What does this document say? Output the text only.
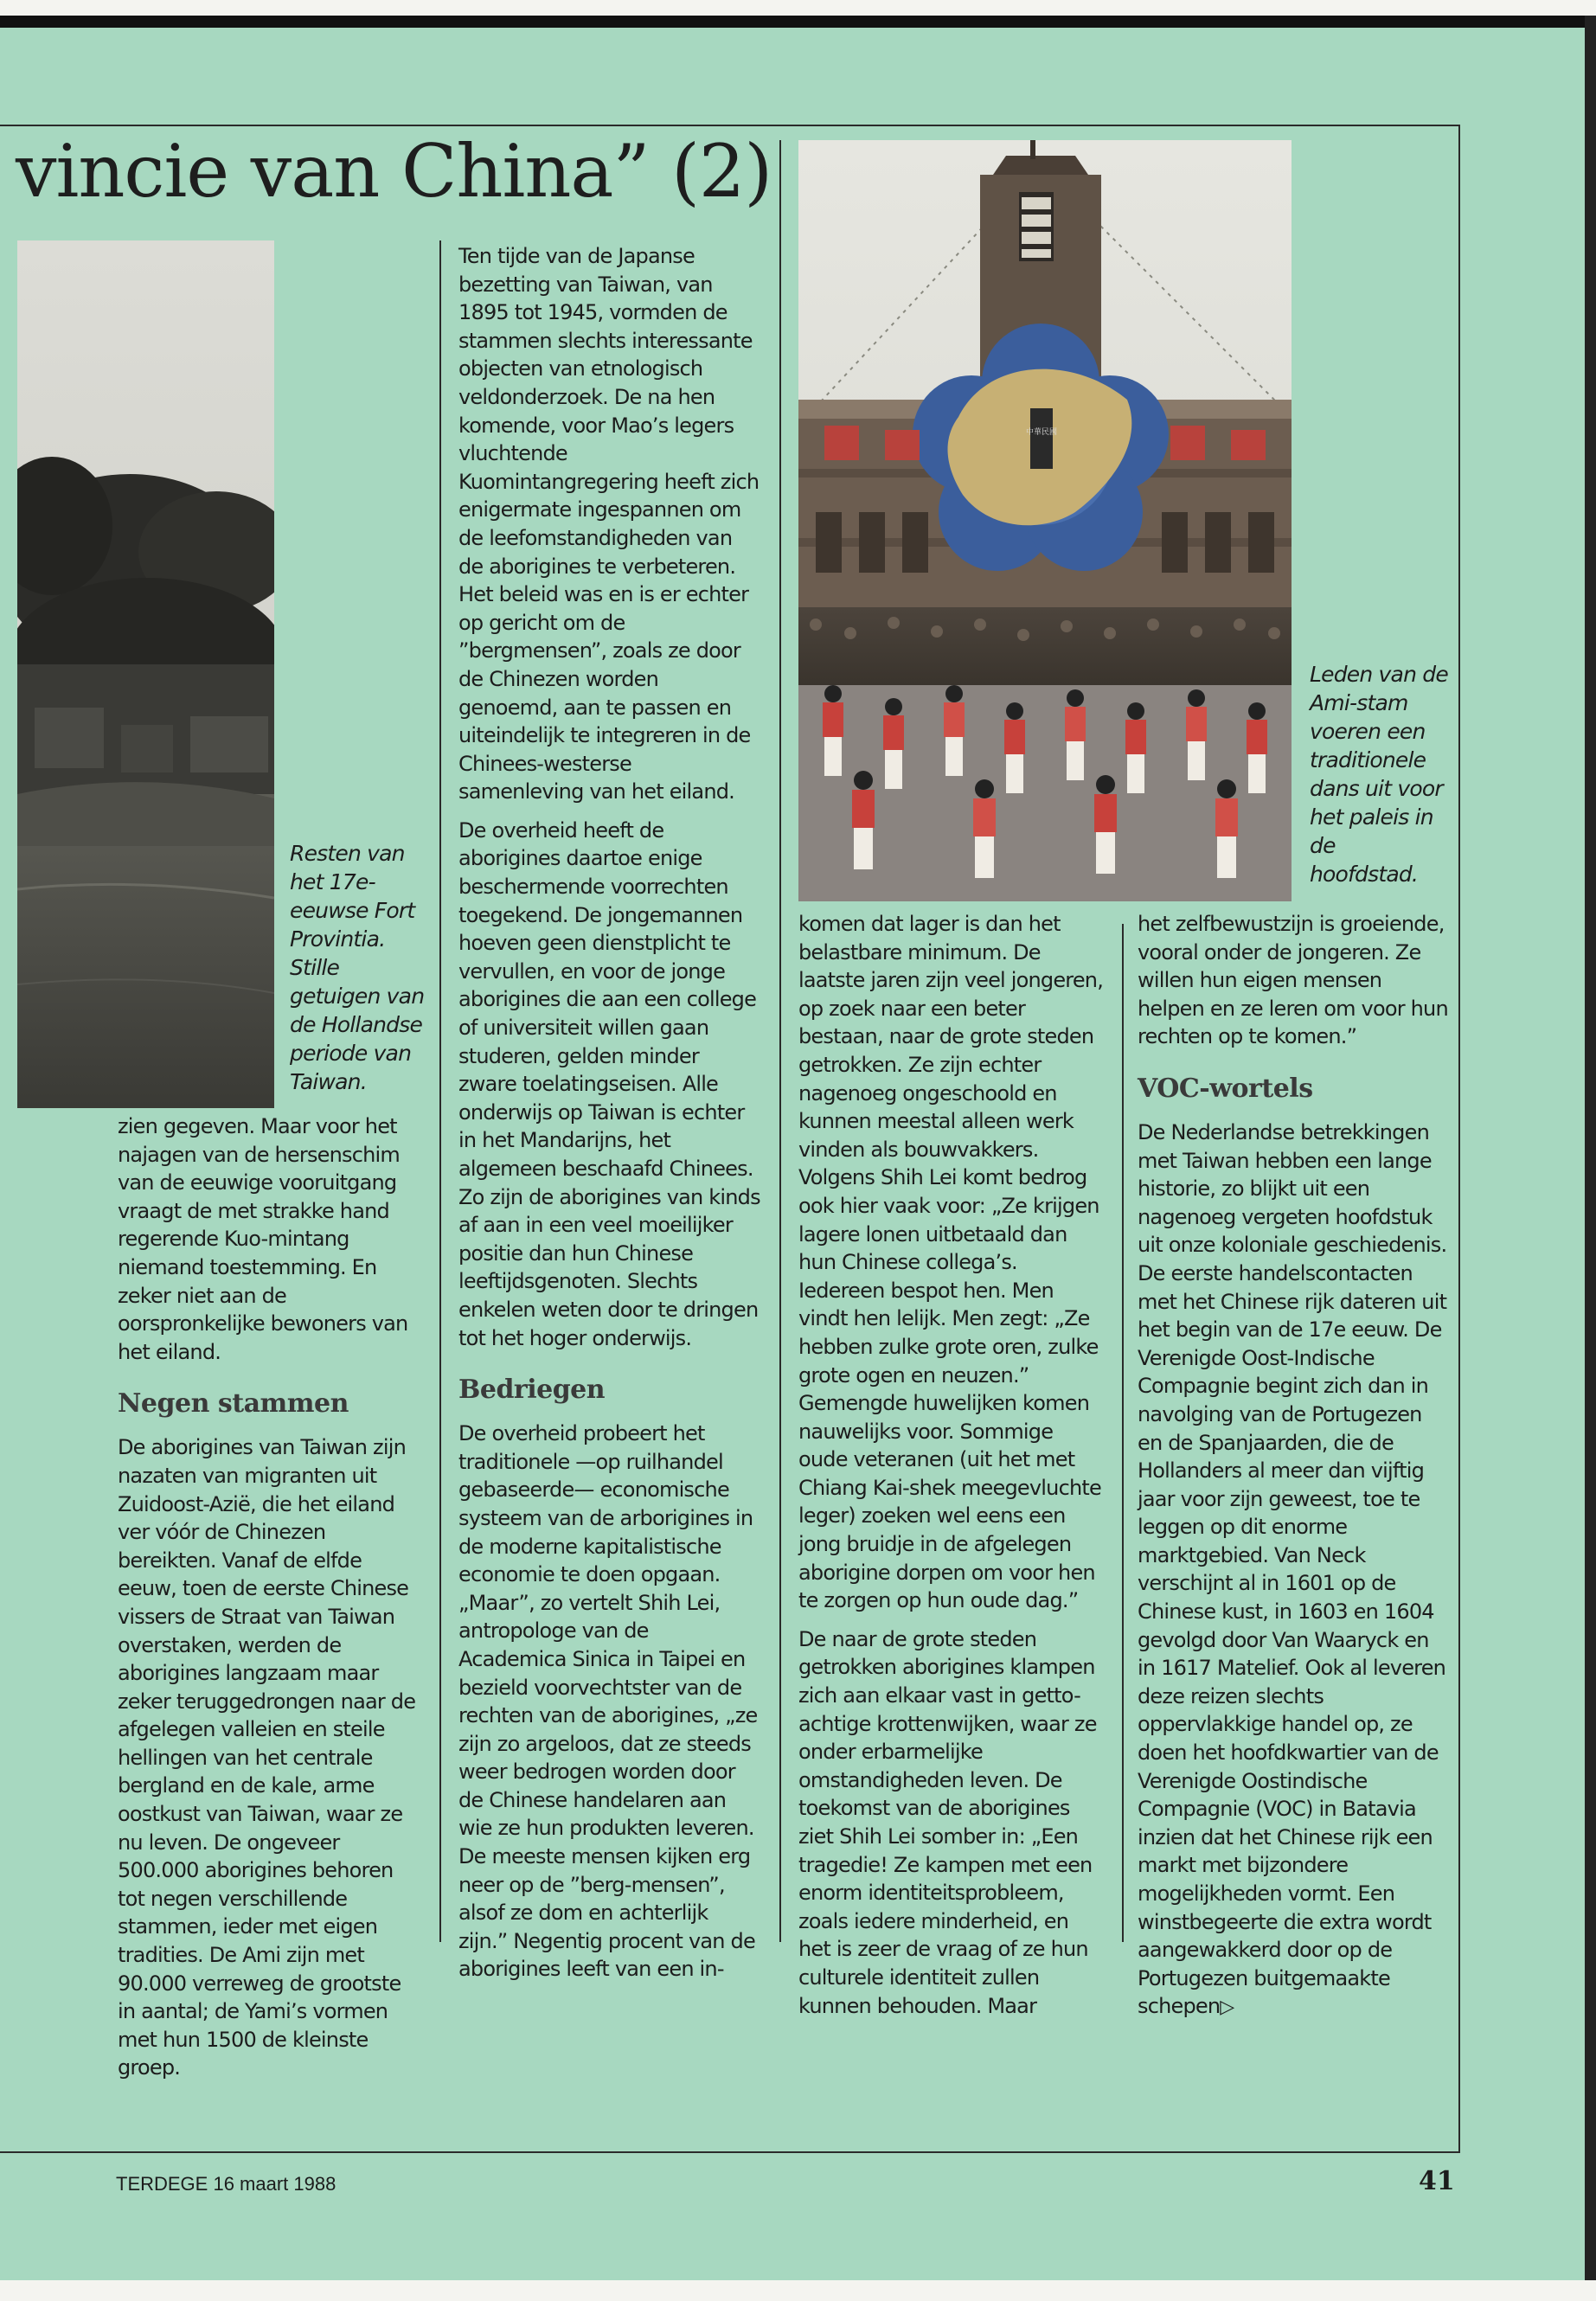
vincie van China” (2)

Resten van het 17e-eeuwse Fort Provintia. Stille getuigen van de Hollandse periode van Taiwan.

中華民國

Leden van de Ami-stam voeren een traditionele dans uit voor het paleis in de hoofdstad.

zien gegeven. Maar voor het najagen van de hersenschim van de eeuwige vooruitgang vraagt de met strakke hand regerende Kuo-mintang niemand toestemming. En zeker niet aan de oorspronkelijke bewoners van het eiland.

Negen stammen

De aborigines van Taiwan zijn nazaten van migranten uit Zuidoost-Azië, die het eiland ver vóór de Chinezen bereikten. Vanaf de elfde eeuw, toen de eerste Chinese vissers de Straat van Taiwan overstaken, werden de aborigines langzaam maar zeker teruggedrongen naar de afgelegen valleien en steile hellingen van het centrale bergland en de kale, arme oostkust van Taiwan, waar ze nu leven. De ongeveer 500.000 aborigines behoren tot negen verschillende stammen, ieder met eigen tradities. De Ami zijn met 90.000 verreweg de grootste in aantal; de Yami’s vormen met hun 1500 de kleinste groep.

Ten tijde van de Japanse bezetting van Taiwan, van 1895 tot 1945, vormden de stammen slechts interessante objecten van etnologisch veldonderzoek. De na hen komende, voor Mao’s legers vluchtende Kuomintangregering heeft zich enigermate ingespannen om de leefomstandigheden van de aborigines te verbeteren. Het beleid was en is er echter op gericht om de ”bergmensen”, zoals ze door de Chinezen worden genoemd, aan te passen en uiteindelijk te integreren in de Chinees-westerse samenleving van het eiland.

De overheid heeft de aborigines daartoe enige beschermende voorrechten toegekend. De jongemannen hoeven geen dienstplicht te vervullen, en voor de jonge aborigines die aan een college of universiteit willen gaan studeren, gelden minder zware toelatingseisen. Alle onderwijs op Taiwan is echter in het Mandarijns, het algemeen beschaafd Chinees. Zo zijn de aborigines van kinds af aan in een veel moeilijker positie dan hun Chinese leeftijdsgenoten. Slechts enkelen weten door te dringen tot het hoger onderwijs.

Bedriegen

De overheid probeert het traditionele —op ruilhandel gebaseerde— economische systeem van de arborigines in de moderne kapitalistische economie te doen opgaan. „Maar”, zo vertelt Shih Lei, antropologe van de Academica Sinica in Taipei en bezield voorvechtster van de rechten van de aborigines, „ze zijn zo argeloos, dat ze steeds weer bedrogen worden door de Chinese handelaren aan wie ze hun produkten leveren. De meeste mensen kijken erg neer op de ”berg-mensen”, alsof ze dom en achterlijk zijn.” Negentig procent van de aborigines leeft van een in-

komen dat lager is dan het belastbare minimum. De laatste jaren zijn veel jongeren, op zoek naar een beter bestaan, naar de grote steden getrokken. Ze zijn echter nagenoeg ongeschoold en kunnen meestal alleen werk vinden als bouwvakkers. Volgens Shih Lei komt bedrog ook hier vaak voor: „Ze krijgen lagere lonen uitbetaald dan hun Chinese collega’s. Iedereen bespot hen. Men vindt hen lelijk. Men zegt: „Ze hebben zulke grote oren, zulke grote ogen en neuzen.” Gemengde huwelijken komen nauwelijks voor. Sommige oude veteranen (uit het met Chiang Kai-shek meegevluchte leger) zoeken wel eens een jong bruidje in de afgelegen aborigine dorpen om voor hen te zorgen op hun oude dag.”

De naar de grote steden getrokken aborigines klampen zich aan elkaar vast in getto-achtige krottenwijken, waar ze onder erbarmelijke omstandigheden leven. De toekomst van de aborigines ziet Shih Lei somber in: „Een tragedie! Ze kampen met een enorm identiteitsprobleem, zoals iedere minderheid, en het is zeer de vraag of ze hun culturele identiteit zullen kunnen behouden. Maar

het zelfbewustzijn is groeiende, vooral onder de jongeren. Ze willen hun eigen mensen helpen en ze leren om voor hun rechten op te komen.”

VOC-wortels

De Nederlandse betrekkingen met Taiwan hebben een lange historie, zo blijkt uit een nagenoeg vergeten hoofdstuk uit onze koloniale geschiedenis. De eerste handelscontacten met het Chinese rijk dateren uit het begin van de 17e eeuw. De Verenigde Oost-Indische Compagnie begint zich dan in navolging van de Portugezen en de Spanjaarden, die de Hollanders al meer dan vijftig jaar voor zijn geweest, toe te leggen op dit enorme marktgebied. Van Neck verschijnt al in 1601 op de Chinese kust, in 1603 en 1604 gevolgd door Van Waaryck en in 1617 Matelief. Ook al leveren deze reizen slechts oppervlakkige handel op, ze doen het hoofdkwartier van de Verenigde Oostindische Compagnie (VOC) in Batavia inzien dat het Chinese rijk een markt met bijzondere mogelijkheden vormt. Een winstbegeerte die extra wordt aangewakkerd door op de Portugezen buitgemaakte schepen▷

TERDEGE 16 maart 1988	41
